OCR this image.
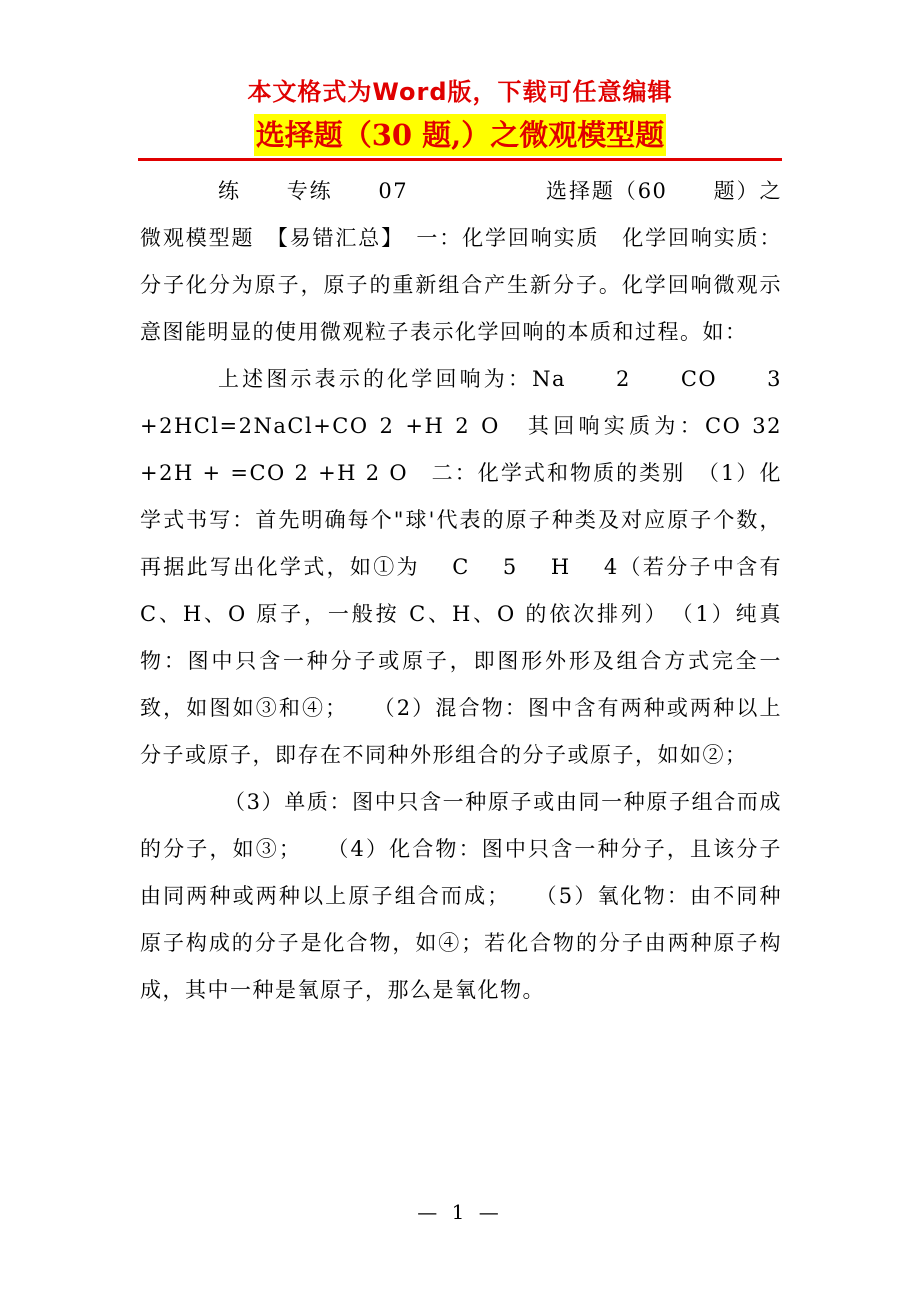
本文格式为Word版，下载可任意编辑
选择题（30 题,）之微观模型题

练　　专练　　07　　　　　　选择题（60　　题）之微观模型题　【易错汇总】　一：化学回响实质　化学回响实质：分子化分为原子，原子的重新组合产生新分子。化学回响微观示意图能明显的使用微观粒子表示化学回响的本质和过程。如：

上述图示表示的化学回响为：Na　　2　　CO　　3 +2HCl=2NaCl+CO 2 +H 2 O　其回响实质为：CO 32 +2H + =CO 2 +H 2 O　二：化学式和物质的类别　（1）化学式书写：首先明确每个"球'代表的原子种类及对应原子个数，再据此写出化学式，如①为　 C　 5　 H　 4（若分子中含有C、H、O 原子，一般按 C、H、O 的依次排列）　（1）纯真物：图中只含一种分子或原子，即图形外形及组合方式完全一致，如图如③和④；　　（2）混合物：图中含有两种或两种以上分子或原子，即存在不同种外形组合的分子或原子，如如②；

（3）单质：图中只含一种原子或由同一种原子组合而成的分子，如③；　　（4）化合物：图中只含一种分子，且该分子由同两种或两种以上原子组合而成；　　（5）氧化物：由不同种原子构成的分子是化合物，如④；若化合物的分子由两种原子构成，其中一种是氧原子，那么是氧化物。

— 1 —
